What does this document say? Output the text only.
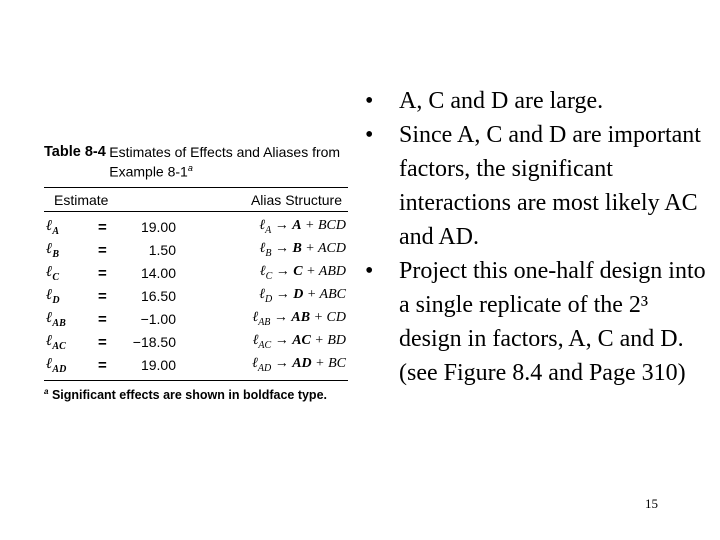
Table 8-4 Estimates of Effects and Aliases from Example 8-1$^a$
Estimate	Alias Structure
ℓ$_A$	=	19.00	ℓ$_A$ → A + BCD
ℓ$_B$	=	1.50	ℓ$_B$ → B + ACD
ℓ$_C$	=	14.00	ℓ$_C$ → C + ABD
ℓ$_D$	=	16.50	ℓ$_D$ → D + ABC
ℓ$_{AB}$	=	−1.00	ℓ$_{AB}$ → AB + CD
ℓ$_{AC}$	=	−18.50	ℓ$_{AC}$ → AC + BD
ℓ$_{AD}$	=	19.00	ℓ$_{AD}$ → AD + BC
$^a$ Significant effects are shown in boldface type.
•	A, C and D are large.
•	Since A, C and D are important factors, the significant interactions are most likely AC and AD.
•	Project this one-half design into a single replicate of the 2³ design in factors, A, C and D. (see Figure 8.4 and Page 310)
15
